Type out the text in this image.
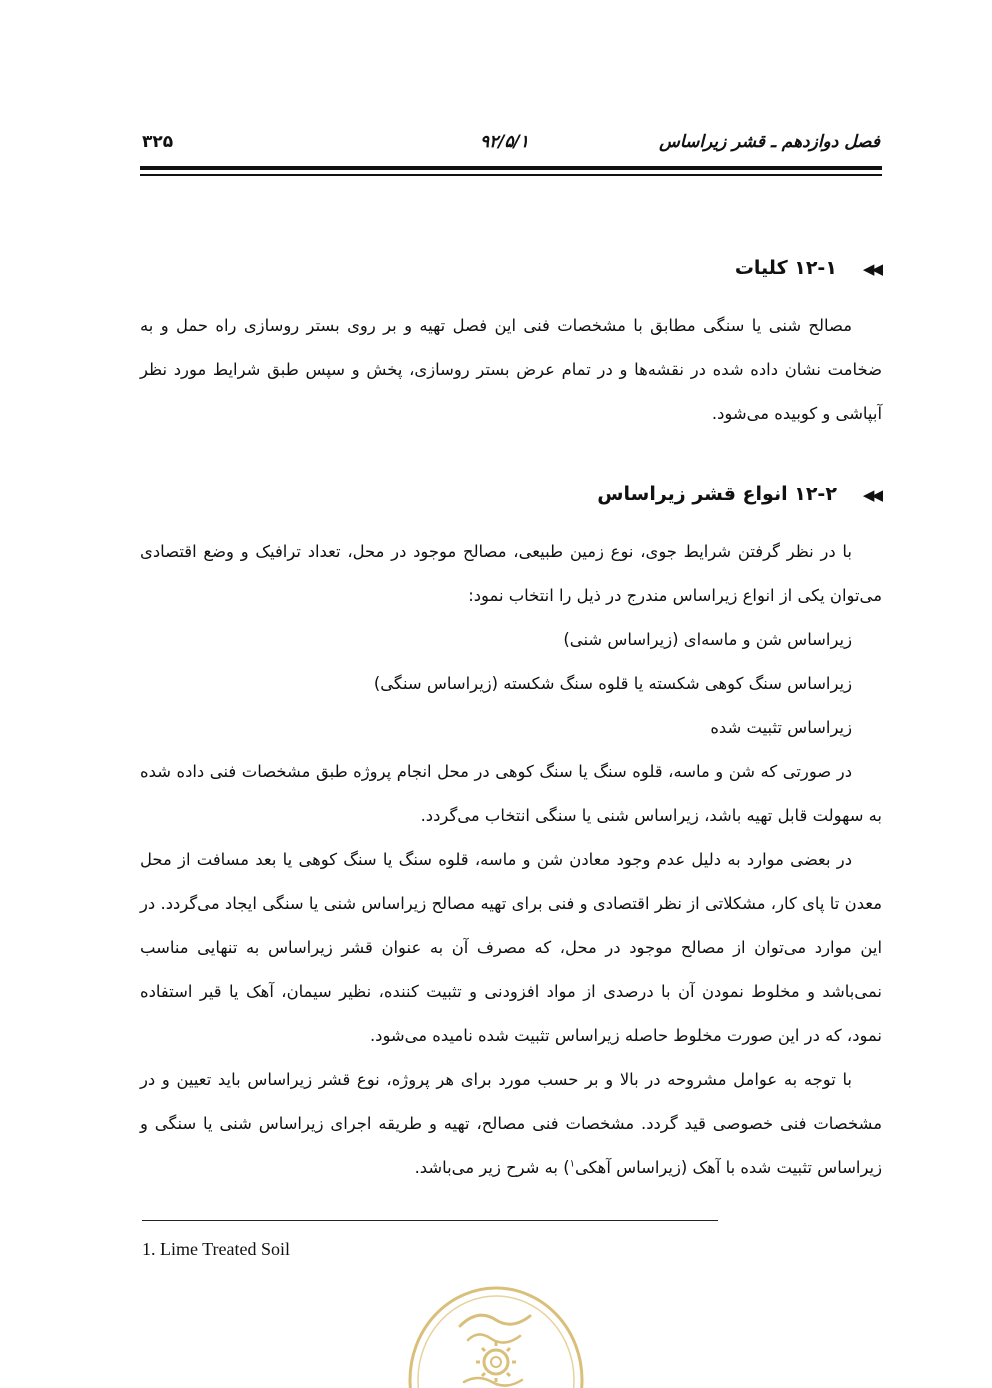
فصل دوازدهم ـ قشر زیراساس
۹۲/۵/۱
۳۲۵
◀◀۱۲-۱ کلیات
مصالح شنی یا سنگی مطابق با مشخصات فنی این فصل تهیه و بر روی بستر روسازی راه حمل و به ضخامت نشان داده شده در نقشه‌ها و در تمام عرض بستر روسازی، پخش و سپس طبق شرایط مورد نظر آبپاشی و کوبیده می‌شود.
◀◀۱۲-۲ انواع قشر زیراساس
با در نظر گرفتن شرایط جوی، نوع زمین طبیعی، مصالح موجود در محل، تعداد ترافیک و وضع اقتصادی می‌توان یکی از انواع زیراساس مندرج در ذیل را انتخاب نمود:
زیراساس شن و ماسه‌ای (زیراساس شنی)
زیراساس سنگ کوهی شکسته یا قلوه سنگ شکسته (زیراساس سنگی)
زیراساس تثبیت شده
در صورتی که شن و ماسه، قلوه سنگ یا سنگ کوهی در محل انجام پروژه طبق مشخصات فنی داده شده به سهولت قابل تهیه باشد، زیراساس شنی یا سنگی انتخاب می‌گردد.
در بعضی موارد به دلیل عدم وجود معادن شن و ماسه، قلوه سنگ یا سنگ کوهی یا بعد مسافت از محل معدن تا پای کار، مشکلاتی از نظر اقتصادی و فنی برای تهیه مصالح زیراساس شنی یا سنگی ایجاد می‌گردد. در این موارد می‌توان از مصالح موجود در محل، که مصرف آن به عنوان قشر زیراساس به تنهایی مناسب نمی‌باشد و مخلوط نمودن آن با درصدی از مواد افزودنی و تثبیت کننده، نظیر سیمان، آهک یا قیر استفاده نمود، که در این صورت مخلوط حاصله زیراساس تثبیت شده نامیده می‌شود.
با توجه به عوامل مشروحه در بالا و بر حسب مورد برای هر پروژه، نوع قشر زیراساس باید تعیین و در مشخصات فنی خصوصی قید گردد. مشخصات فنی مصالح، تهیه و طریقه اجرای زیراساس شنی یا سنگی و زیراساس تثبیت شده با آهک (زیراساس آهکی$^۱$) به شرح زیر می‌باشد.
1. Lime Treated Soil
